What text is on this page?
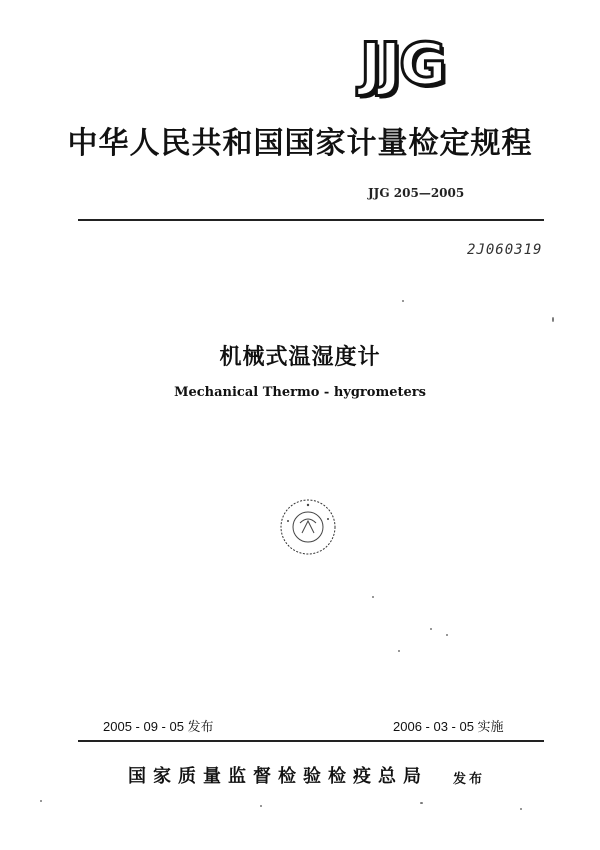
JJG
中华人民共和国国家计量检定规程
JJG 205—2005
2J060319
机械式温湿度计
Mechanical Thermo - hygrometers
2005 - 09 - 05 发布	2006 - 03 - 05 实施
国家质量监督检验检疫总局 发布
